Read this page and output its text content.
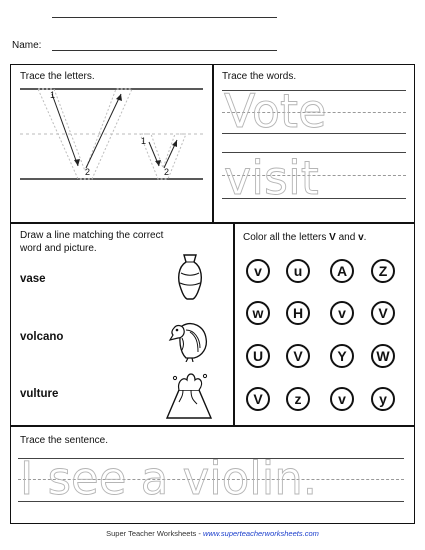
Name:
Trace the letters.
1
2
1
2
Trace the words.
Vote
visit
Draw a line matching the correct
word and picture.
vase
volcano
vulture
Color all the letters V and v.
v	u	A	Z
w	H	v	V
U	V	Y	W
V	z	v	y
Trace the sentence.
I see a violin.
Super Teacher Worksheets - www.superteacherworksheets.com
